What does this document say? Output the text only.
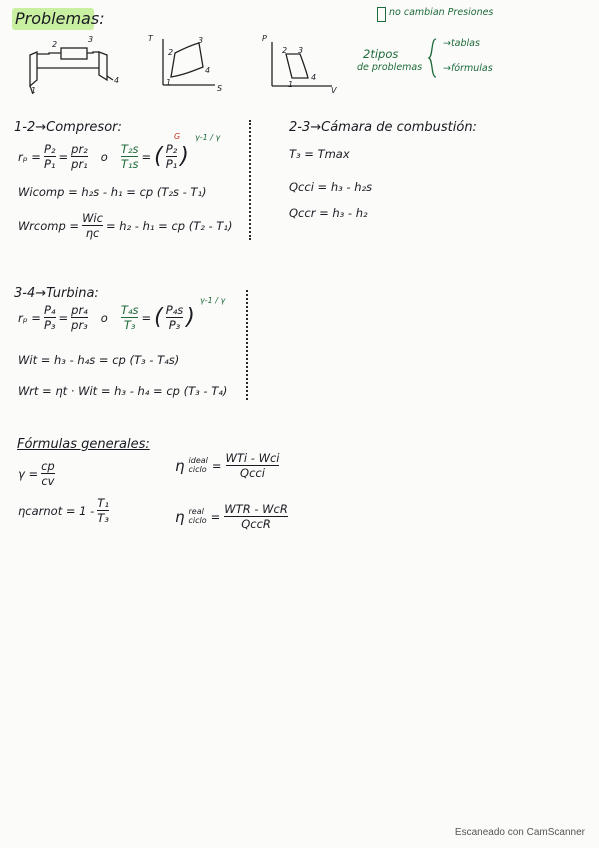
Problemas:	no cambian Presiones
2tipos
de problemas
→tablas
→fórmulas
1
2
3
4
T
S
1
2
3
4
P
V
2 3
4
1
1-2→Compresor:
$r_p = \frac{\text{P₂}}{\text{P₁}} = \frac{\text{pr₂}}{\text{pr₁}}$ o $\frac{\text{T₂s}}{\text{T₁s}}$ = ( $\frac{\text{P₂}}{\text{P₁}}$ )
G γ-1 / γ
Wicomp = h₂s - h₁ = cp (T₂s - T₁)
Wrcomp = $\frac{\text{Wic}}{\eta c} = h_2 - h_1$ = cp (T₂ - T₁)
2-3→Cámara de combustión:
T₃ = Tmax
Qcci = h₃ - h₂s
Qccr = h₃ - h₂
3-4→Turbina:
$r_p = \frac{\text{P₄}}{\text{P₃}} = \frac{\text{pr₄}}{\text{pr₃}}$ o $\frac{\text{T₄s}}{\text{T₃}}$ = ( $\frac{\text{P₄s}}{\text{P₃}}$ )
γ-1 / γ
Wit = h₃ - h₄s = cp (T₃ - T₄s)
Wrt = ηt · Wit = h₃ - h₄ = cp (T₃ - T₄)
Fórmulas generales:
$\gamma = \frac{cp}{cv}$
ηcarnot = $1 - \frac{\text{T₁}}{\text{T₃}}$
η ideal
ciclo = $\frac{\text{WTi - Wci}}{\text{Qcci}}$
η real
ciclo = $\frac{\text{WTR - WcR}}{\text{QccR}}$
Escaneado con CamScanner
